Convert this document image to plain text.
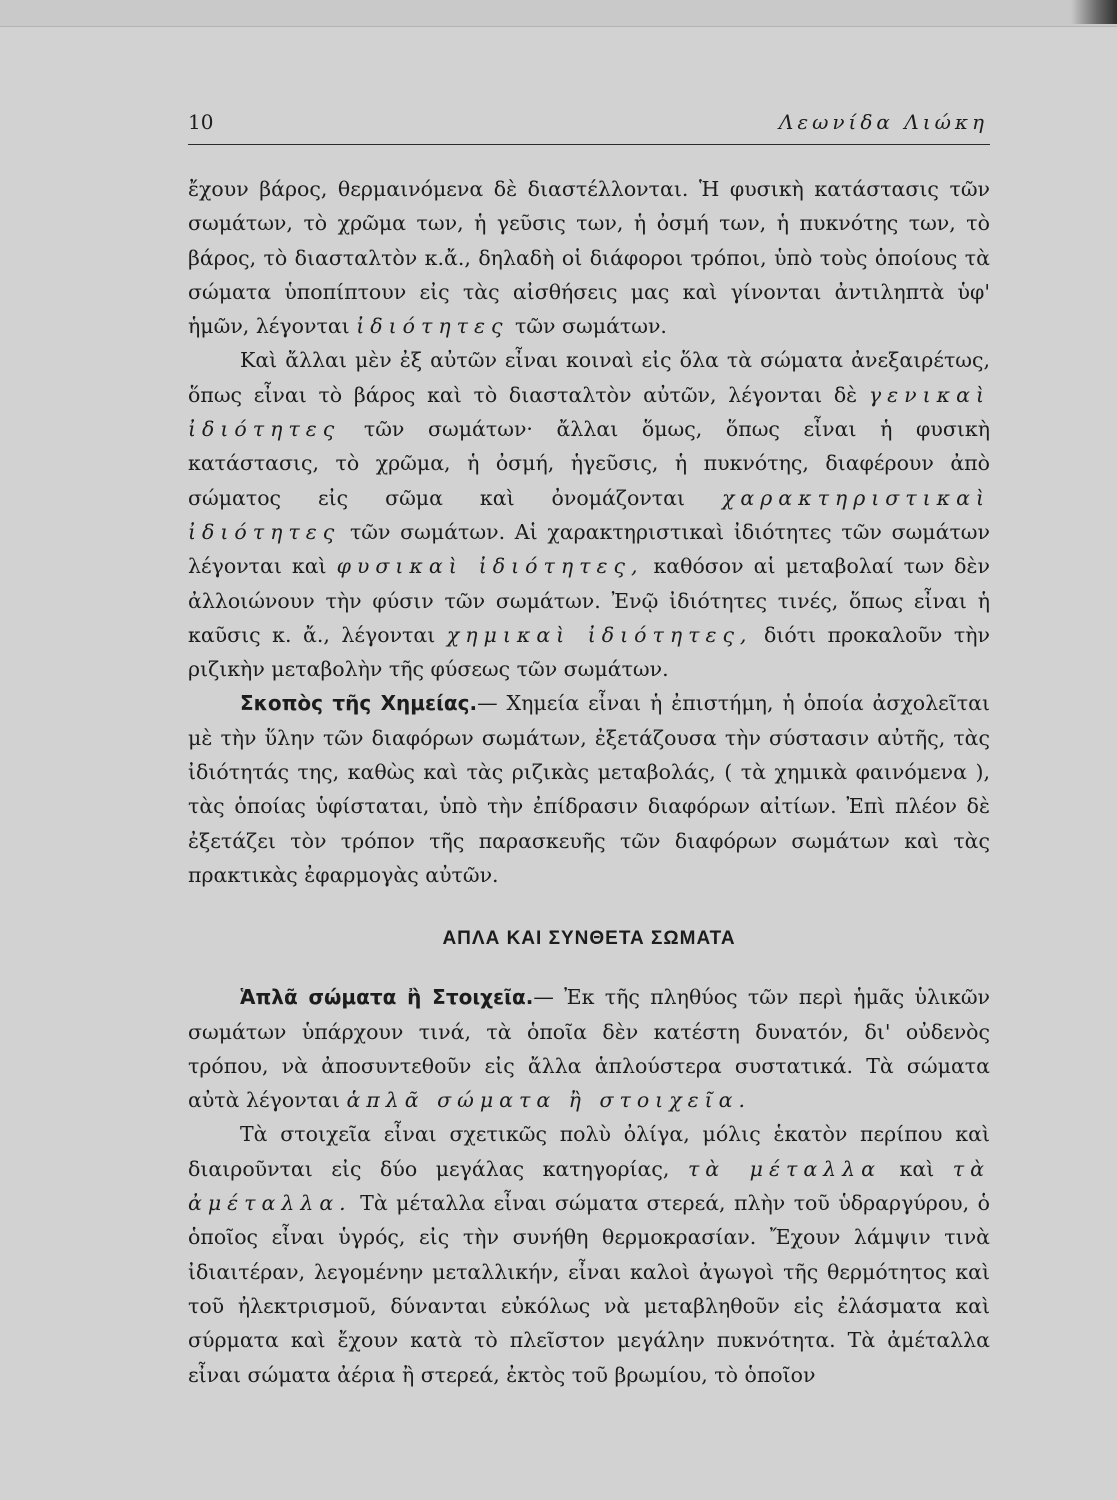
10	Λεωνίδα Λιώκη

ἔχουν βάρος, θερμαινόμενα δὲ διαστέλλονται. Ἡ φυσικὴ κατάστασις τῶν σωμάτων, τὸ χρῶμα των, ἡ γεῦσις των, ἡ ὀσμή των, ἡ πυκνότης των, τὸ βάρος, τὸ διασταλτὸν κ.ἄ., δηλαδὴ οἱ διάφοροι τρόποι, ὑπὸ τοὺς ὁποίους τὰ σώματα ὑποπίπτουν εἰς τὰς αἰσθήσεις μας καὶ γίνονται ἀντιληπτὰ ὑφ' ἡμῶν, λέγονται ἰδιότητες τῶν σωμάτων.

Καὶ ἄλλαι μὲν ἐξ αὐτῶν εἶναι κοιναὶ εἰς ὅλα τὰ σώματα ἀνεξαιρέτως, ὅπως εἶναι τὸ βάρος καὶ τὸ διασταλτὸν αὐτῶν, λέγονται δὲ γενικαὶ ἰδιότητες τῶν σωμάτων· ἄλλαι ὅμως, ὅπως εἶναι ἡ φυσικὴ κατάστασις, τὸ χρῶμα, ἡ ὀσμή, ἡγεῦσις, ἡ πυκνότης, διαφέρουν ἀπὸ σώματος εἰς σῶμα καὶ ὀνομάζονται χαρακτηριστικαὶ ἰδιότητες τῶν σωμάτων. Αἱ χαρακτηριστικαὶ ἰδιότητες τῶν σωμάτων λέγονται καὶ φυσικαὶ ἰδιότητες, καθόσον αἱ μεταβολαί των δὲν ἀλλοιώνουν τὴν φύσιν τῶν σωμάτων. Ἐνῷ ἰδιότητες τινές, ὅπως εἶναι ἡ καῦσις κ. ἄ., λέγονται χημικαὶ ἰδιότητες, διότι προκαλοῦν τὴν ριζικὴν μεταβολὴν τῆς φύσεως τῶν σωμάτων.

Σκοπὸς τῆς Χημείας.— Χημεία εἶναι ἡ ἐπιστήμη, ἡ ὁποία ἀσχολεῖται μὲ τὴν ὕλην τῶν διαφόρων σωμάτων, ἐξετάζουσα τὴν σύστασιν αὐτῆς, τὰς ἰδιότητάς της, καθὼς καὶ τὰς ριζικὰς μεταβολάς, ( τὰ χημικὰ φαινόμενα ), τὰς ὁποίας ὑφίσταται, ὑπὸ τὴν ἐπίδρασιν διαφόρων αἰτίων. Ἐπὶ πλέον δὲ ἐξετάζει τὸν τρόπον τῆς παρασκευῆς τῶν διαφόρων σωμάτων καὶ τὰς πρακτικὰς ἐφαρμογὰς αὐτῶν.

ΑΠΛΑ ΚΑΙ ΣΥΝΘΕΤΑ ΣΩΜΑΤΑ

Ἁπλᾶ σώματα ἢ Στοιχεῖα.— Ἐκ τῆς πληθύος τῶν περὶ ἡμᾶς ὑλικῶν σωμάτων ὑπάρχουν τινά, τὰ ὁποῖα δὲν κατέστη δυνατόν, δι' οὐδενὸς τρόπου, νὰ ἀποσυντεθοῦν εἰς ἄλλα ἁπλούστερα συστατικά. Τὰ σώματα αὐτὰ λέγονται ἁπλᾶ σώματα ἢ στοιχεῖα.

Τὰ στοιχεῖα εἶναι σχετικῶς πολὺ ὀλίγα, μόλις ἑκατὸν περίπου καὶ διαιροῦνται εἰς δύο μεγάλας κατηγορίας, τὰ μέταλλα καὶ τὰ ἀμέταλλα. Τὰ μέταλλα εἶναι σώματα στερεά, πλὴν τοῦ ὑδραργύρου, ὁ ὁποῖος εἶναι ὑγρός, εἰς τὴν συνήθη θερμοκρασίαν. Ἔχουν λάμψιν τινὰ ἰδιαιτέραν, λεγομένην μεταλλικήν, εἶναι καλοὶ ἀγωγοὶ τῆς θερμότητος καὶ τοῦ ἠλεκτρισμοῦ, δύνανται εὐκόλως νὰ μεταβληθοῦν εἰς ἐλάσματα καὶ σύρματα καὶ ἔχουν κατὰ τὸ πλεῖστον μεγάλην πυκνότητα. Τὰ ἀμέταλλα εἶναι σώματα ἀέρια ἢ στερεά, ἐκτὸς τοῦ βρωμίου, τὸ ὁποῖον
